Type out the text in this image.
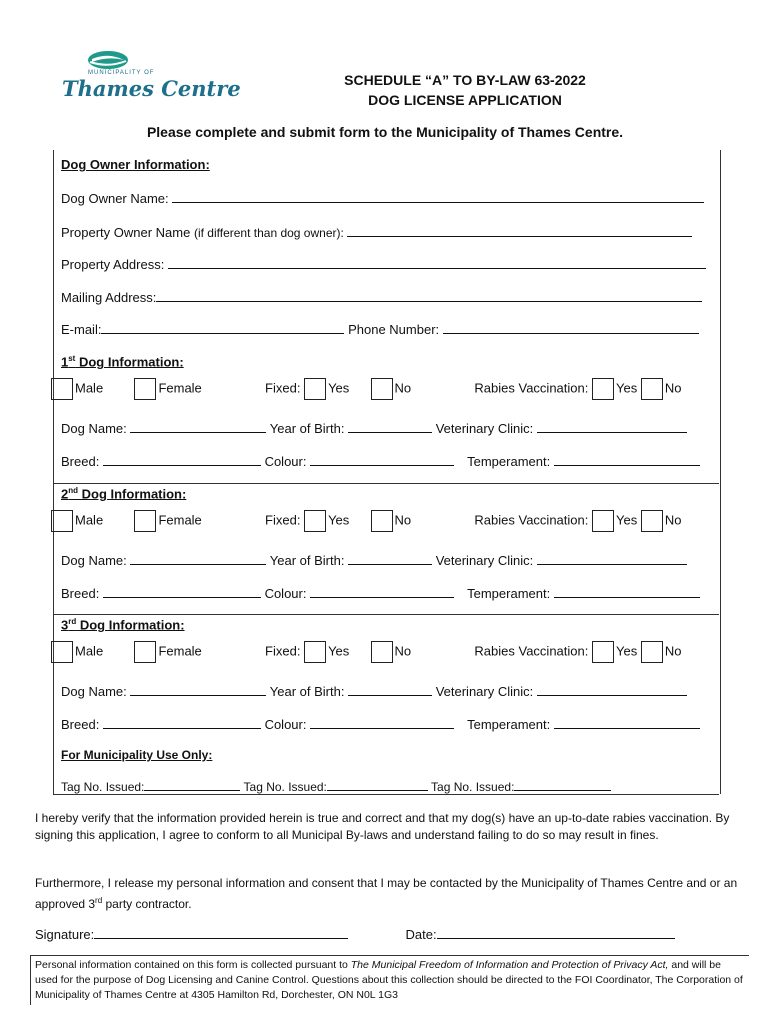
MUNICIPALITY OF
Thames Centre	SCHEDULE “A” TO BY-LAW 63-2022
DOG LICENSE APPLICATION
Please complete and submit form to the Municipality of Thames Centre.
Dog Owner Information:
Dog Owner Name:
Property Owner Name (if different than dog owner):
Property Address:
Mailing Address:
E-mail:	Phone Number:
1st Dog Information:
Male	Female	Fixed: Yes	No	Rabies Vaccination: Yes No
Dog Name:	Year of Birth:	Veterinary Clinic:
Breed:	Colour:	Temperament:
2nd Dog Information:
Male	Female	Fixed: Yes	No	Rabies Vaccination: Yes No
Dog Name:	Year of Birth:	Veterinary Clinic:
Breed:	Colour:	Temperament:
3rd Dog Information:
Male	Female	Fixed: Yes	No	Rabies Vaccination: Yes No
Dog Name:	Year of Birth:	Veterinary Clinic:
Breed:	Colour:	Temperament:
For Municipality Use Only:
Tag No. Issued:	Tag No. Issued:	Tag No. Issued:
I hereby verify that the information provided herein is true and correct and that my dog(s) have an up-to-date rabies vaccination. By signing this application, I agree to conform to all Municipal By-laws and understand failing to do so may result in fines.
Furthermore, I release my personal information and consent that I may be contacted by the Municipality of Thames Centre and or an approved 3rd party contractor.
Signature:	Date:
Personal information contained on this form is collected pursuant to The Municipal Freedom of Information and Protection of Privacy Act, and will be used for the purpose of Dog Licensing and Canine Control. Questions about this collection should be directed to the FOI Coordinator, The Corporation of Municipality of Thames Centre at 4305 Hamilton Rd, Dorchester, ON N0L 1G3
